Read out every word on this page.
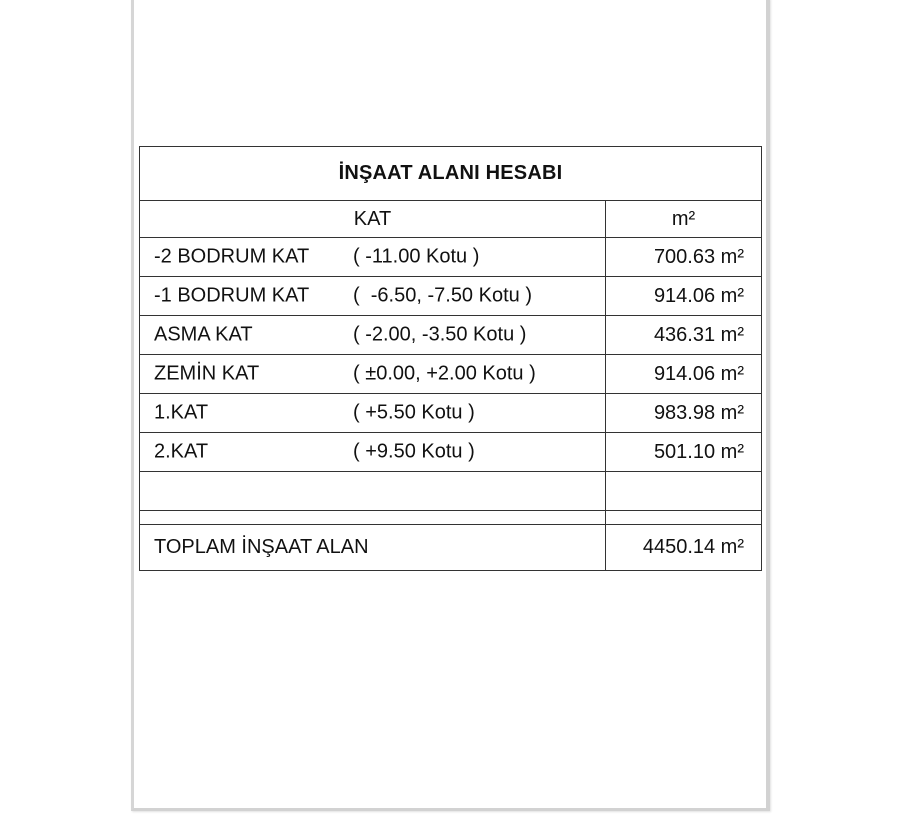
İNŞAAT ALANI HESABI	
KAT	m²

-2 BODRUM KAT ( -11.00 Kotu )	700.63 m²

-1 BODRUM KAT (  -6.50, -7.50 Kotu )	914.06 m²

ASMA KAT ( -2.00, -3.50 Kotu )	436.31 m²

ZEMİN KAT ( ±0.00, +2.00 Kotu )	914.06 m²

1.KAT ( +5.50 Kotu )	983.98 m²

2.KAT ( +9.50 Kotu )	501.10 m²

TOPLAM İNŞAAT ALAN	4450.14 m²
